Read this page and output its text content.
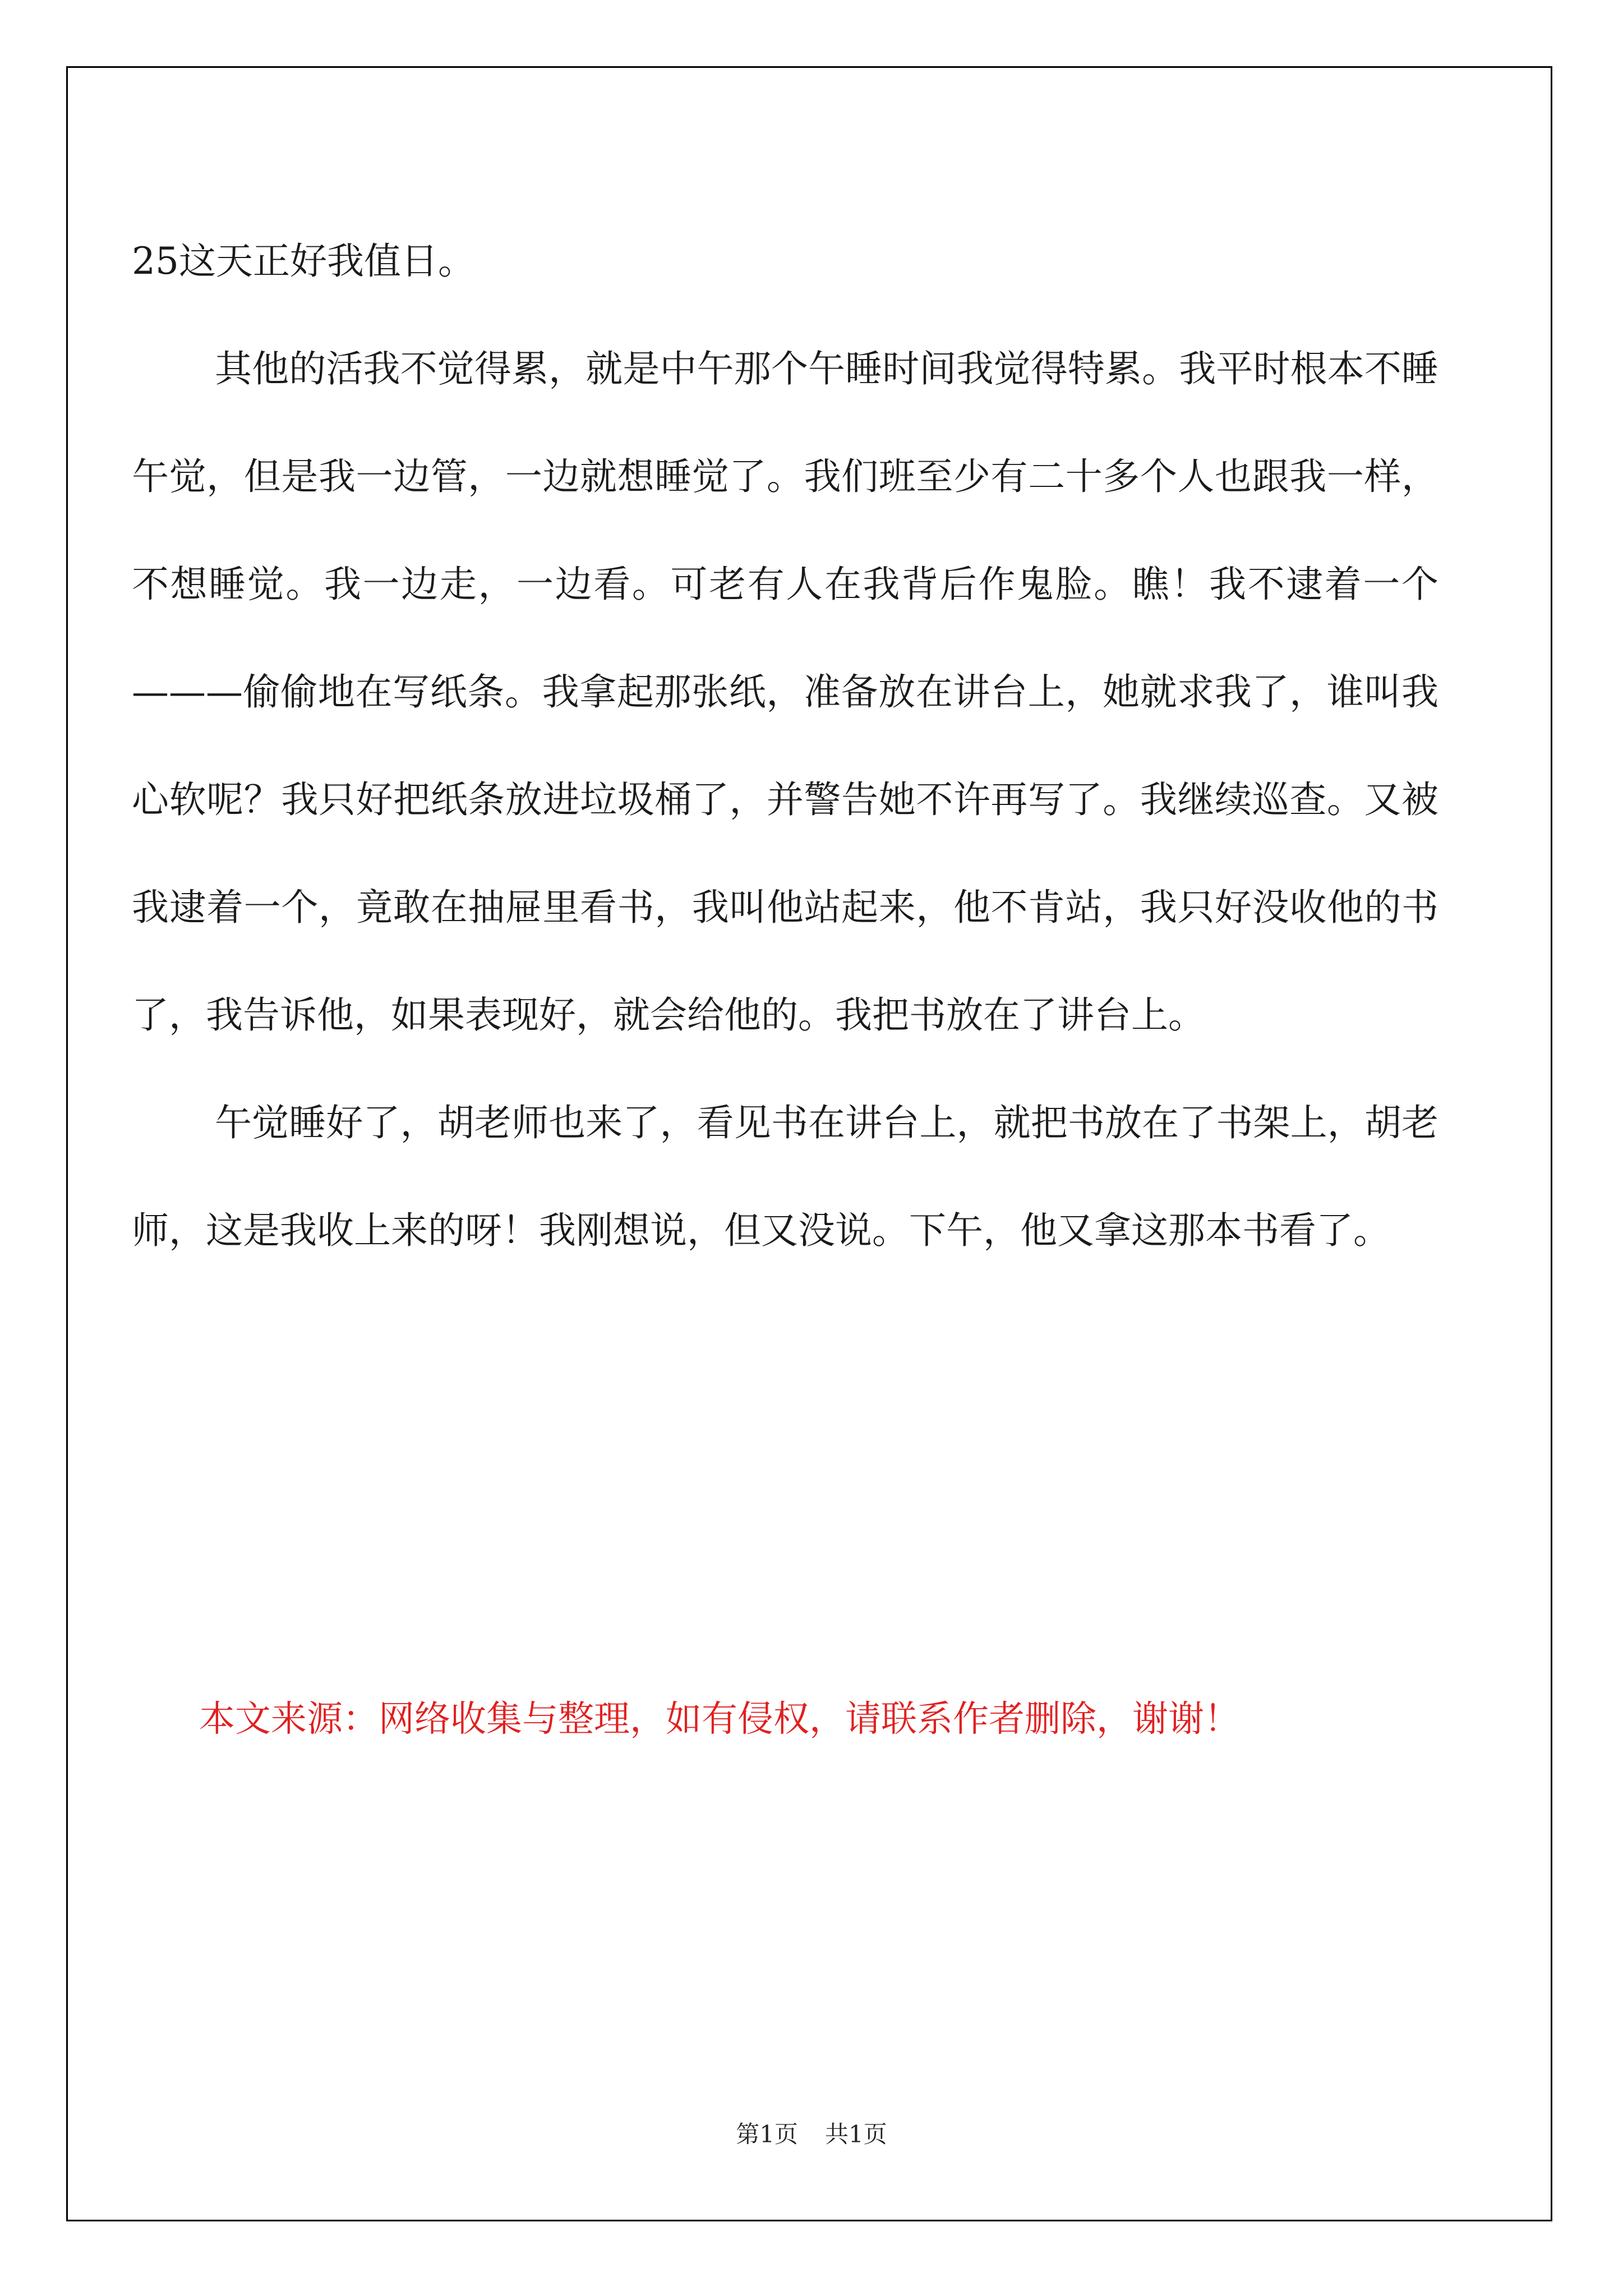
25这天正好我值日。

其他的活我不觉得累，就是中午那个午睡时间我觉得特累。我平时根本不睡午觉，但是我一边管，一边就想睡觉了。我们班至少有二十多个人也跟我一样，不想睡觉。我一边走，一边看。可老有人在我背后作鬼脸。瞧！我不逮着一个———偷偷地在写纸条。我拿起那张纸，准备放在讲台上，她就求我了，谁叫我心软呢？我只好把纸条放进垃圾桶了，并警告她不许再写了。我继续巡查。又被我逮着一个，竟敢在抽屉里看书，我叫他站起来，他不肯站，我只好没收他的书了，我告诉他，如果表现好，就会给他的。我把书放在了讲台上。

午觉睡好了，胡老师也来了，看见书在讲台上，就把书放在了书架上，胡老师，这是我收上来的呀！我刚想说，但又没说。下午，他又拿这那本书看了。

本文来源：网络收集与整理，如有侵权，请联系作者删除，谢谢！

第1页 共1页
